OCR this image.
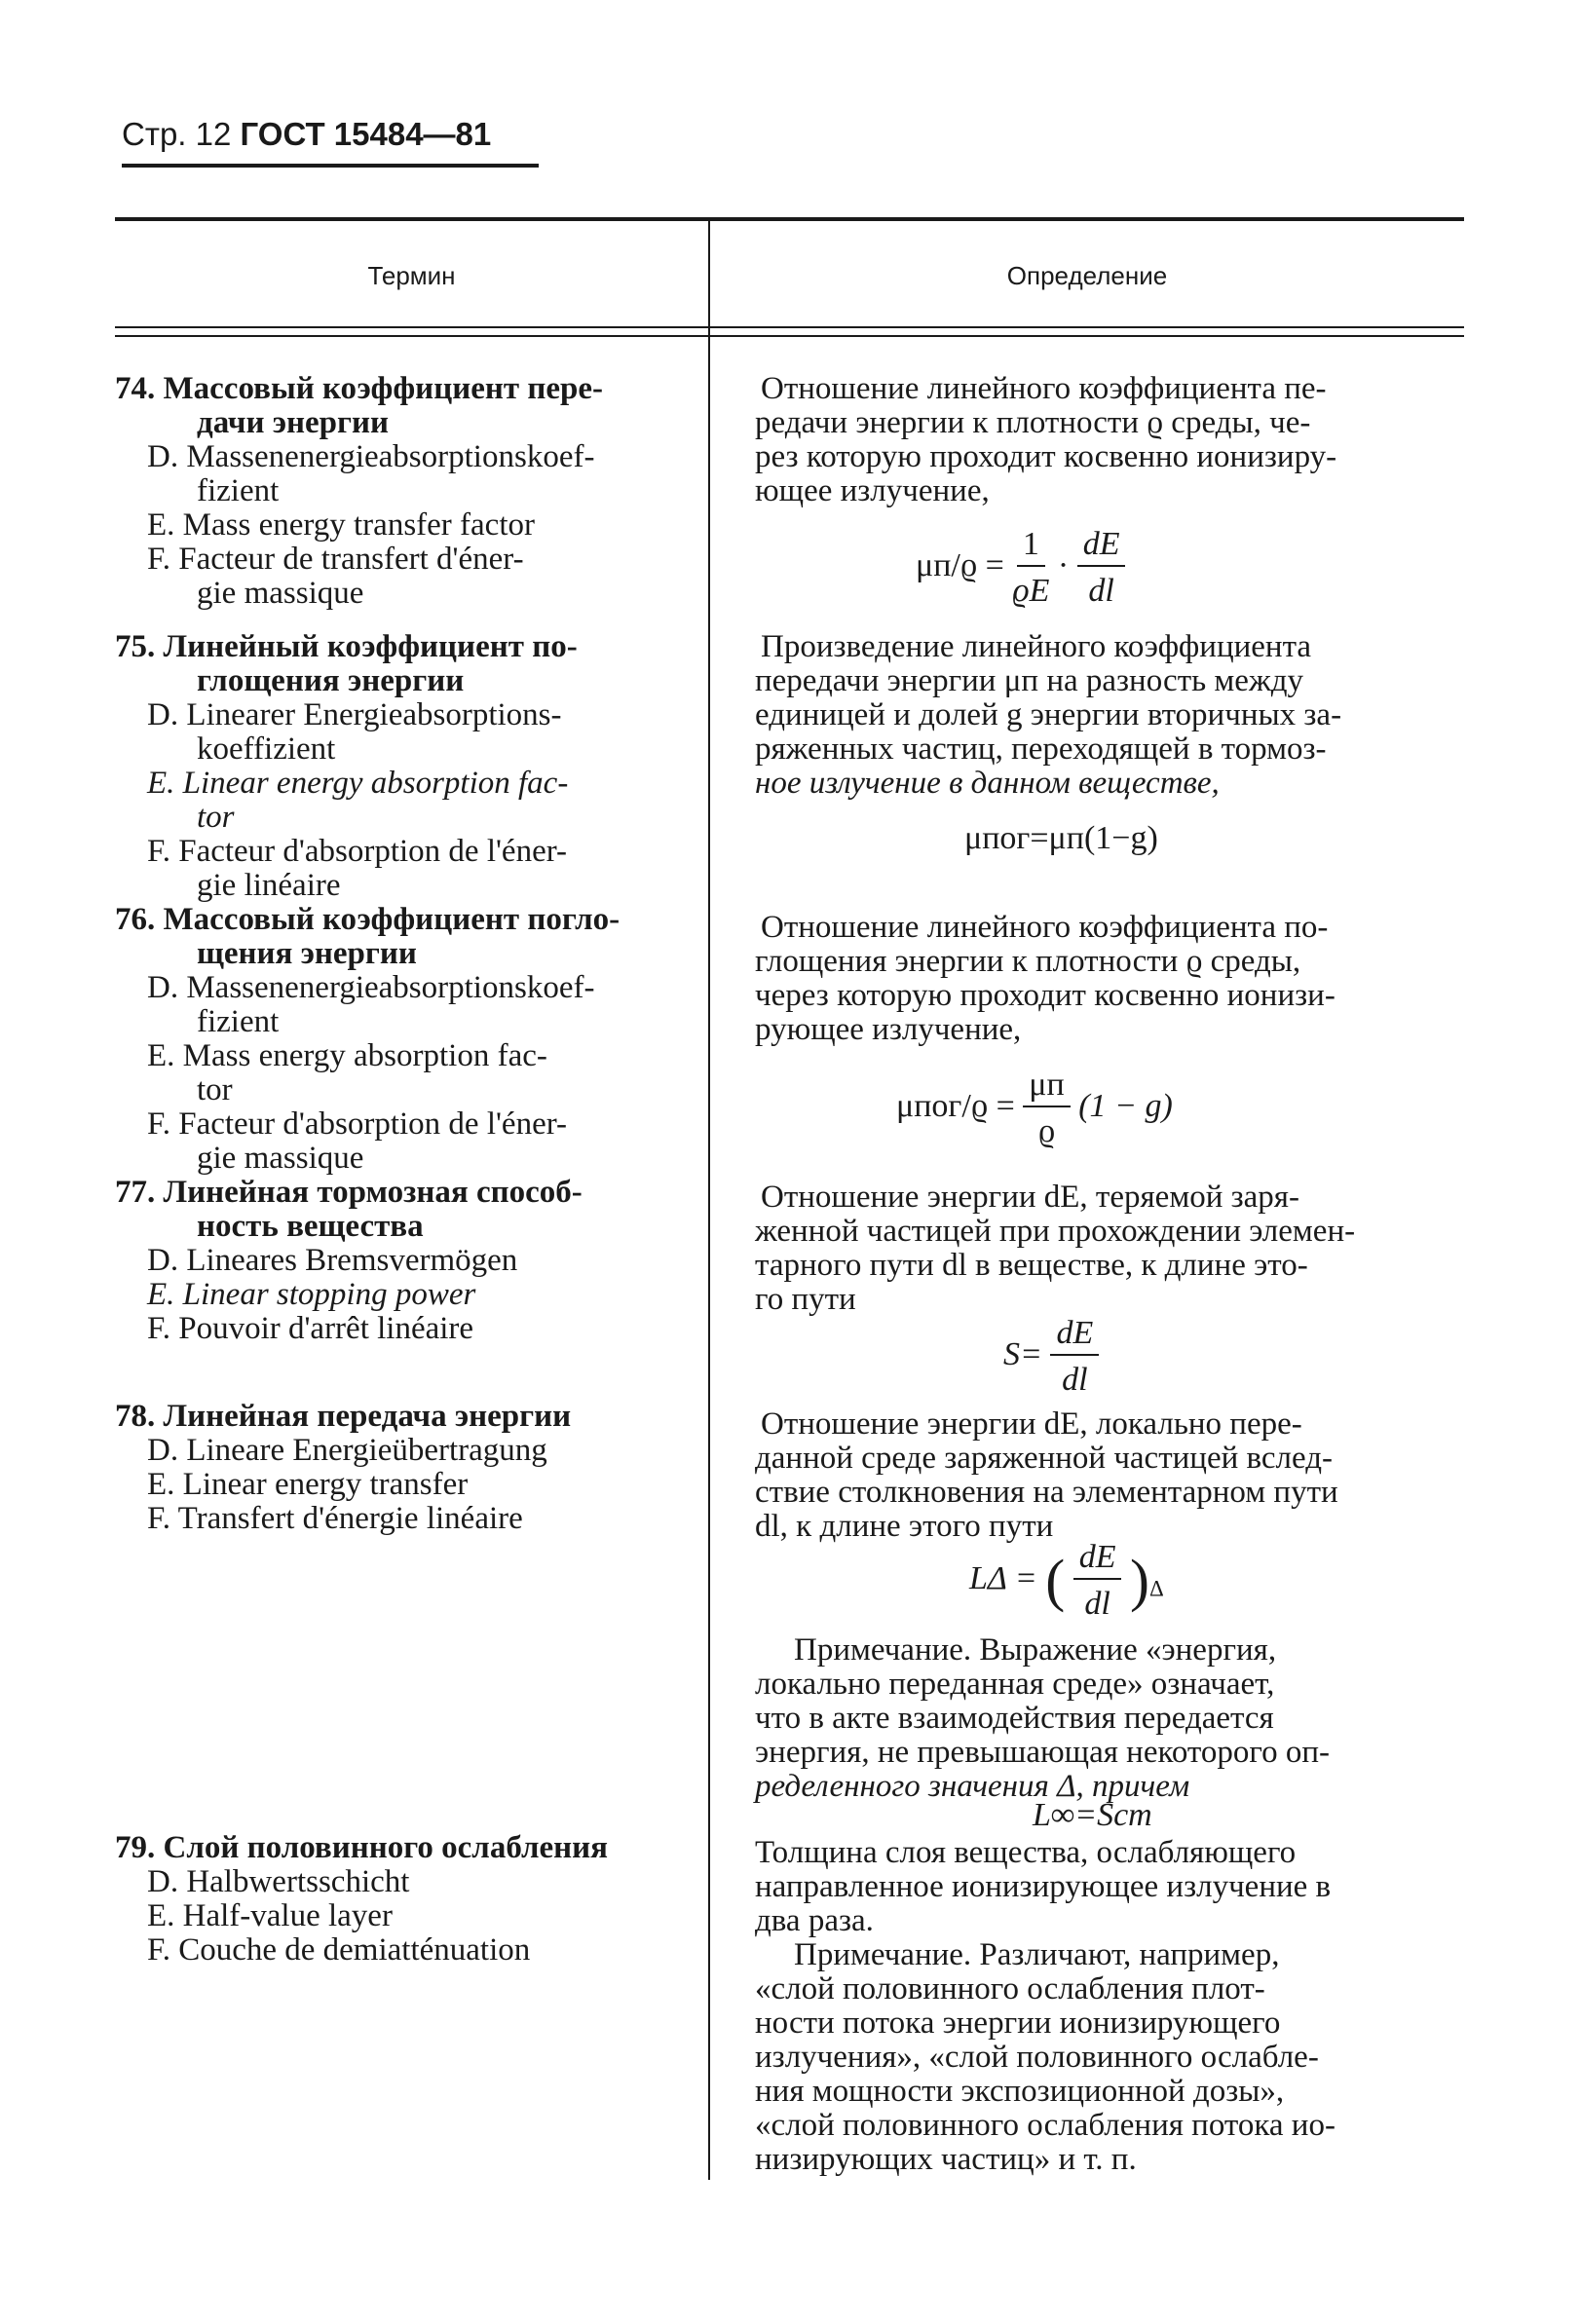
Стр. 12 ГОСТ 15484—81
Термин	Определение
74. Массовый коэффициент пере-
дачи энергии
D. Massenenergieabsorptionskoef-
fizient
E. Mass energy transfer factor
F. Facteur de transfert d'éner-
gie massique
75. Линейный коэффициент по-
глощения энергии
D. Linearer Energieabsorptions-
koeffizient
E. Linear energy absorption fac-
tor
F. Facteur d'absorption de l'éner-
gie linéaire
76. Массовый коэффициент погло-
щения энергии
D. Massenenergieabsorptionskoef-
fizient
E. Mass energy absorption fac-
tor
F. Facteur d'absorption de l'éner-
gie massique
77. Линейная тормозная способ-
ность вещества
D. Lineares Bremsvermögen
E. Linear stopping power
F. Pouvoir d'arrêt linéaire
78. Линейная передача энергии
D. Lineare Energieübertragung
E. Linear energy transfer
F. Transfert d'énergie linéaire
79. Слой половинного ослабления
D. Halbwertsschicht
E. Half-value layer
F. Couche de demiatténuation
Отношение линейного коэффициента пе-
редачи энергии к плотности ϱ среды, че-
рез которую проходит косвенно ионизиру-
ющее излучение,
$\mu п/ϱ = \frac{1}{ϱE} \cdot \frac{dE}{dl}$
Произведение линейного коэффициента
передачи энергии μп на разность между
единицей и долей g энергии вторичных за-
ряженных частиц, переходящей в тормоз-
ное излучение в данном веществе,
μпог=μп(1−g)
Отношение линейного коэффициента по-
глощения энергии к плотности ϱ среды,
через которую проходит косвенно ионизи-
рующее излучение,
$\mu пог/ϱ = \frac{\mu п}{ϱ} (1 - g)$
Отношение энергии dE, теряемой заря-
женной частицей при прохождении элемен-
тарного пути dl в веществе, к длине это-
го пути
$S= \frac{dE}{dl}$
Отношение энергии dE, локально пере-
данной среде заряженной частицей вслед-
ствие столкновения на элементарном пути
dl, к длине этого пути
LΔ = ( $\frac{dE}{dl} )_\Delta$
Примечание. Выражение «энергия,
локально переданная среде» означает,
что в акте взаимодействия передается
энергия, не превышающая некоторого оп-
ределенного значения Δ, причем
L∞=Sст
Толщина слоя вещества, ослабляющего
направленное ионизирующее излучение в
два раза.
Примечание. Различают, например,
«слой половинного ослабления плот-
ности потока энергии ионизирующего
излучения», «слой половинного ослабле-
ния мощности экспозиционной дозы»,
«слой половинного ослабления потока ио-
низирующих частиц» и т. п.
